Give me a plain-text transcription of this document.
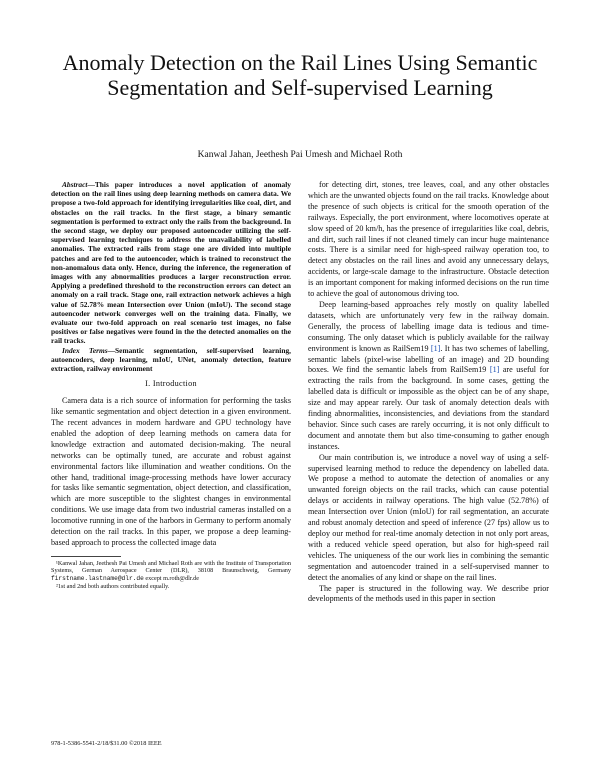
Anomaly Detection on the Rail Lines Using Semantic Segmentation and Self-supervised Learning
Kanwal Jahan, Jeethesh Pai Umesh and Michael Roth

Abstract—This paper introduces a novel application of anomaly detection on the rail lines using deep learning methods on camera data. We propose a two-fold approach for identifying irregularities like coal, dirt, and obstacles on the rail tracks. In the first stage, a binary semantic segmentation is performed to extract only the rails from the background. In the second stage, we deploy our proposed autoencoder utilizing the self-supervised learning techniques to address the unavailability of labelled anomalies. The extracted rails from stage one are divided into multiple patches and are fed to the autoencoder, which is trained to reconstruct the non-anomalous data only. Hence, during the inference, the regeneration of images with any abnormalities produces a larger reconstruction error. Applying a predefined threshold to the reconstruction errors can detect an anomaly on a rail track. Stage one, rail extraction network achieves a high value of 52.78% mean Intersection over Union (mIoU). The second stage autoencoder network converges well on the training data. Finally, we evaluate our two-fold approach on real scenario test images, no false positives or false negatives were found in the the detected anomalies on the rail tracks.

Index Terms—Semantic segmentation, self-supervised learning, autoencoders, deep learning, mIoU, UNet, anomaly detection, feature extraction, railway environment

I. Introduction

Camera data is a rich source of information for performing the tasks like semantic segmentation and object detection in a given environment. The recent advances in modern hardware and GPU technology have enabled the adoption of deep learning methods on camera data for knowledge extraction and automated decision-making. The neural networks can be optimally tuned, are accurate and robust against environmental factors like illumination and weather conditions. On the other hand, traditional image-processing methods have lower accuracy for tasks like semantic segmentation, object detection, and classification, which are more susceptible to the slightest changes in environmental conditions. We use image data from two industrial cameras installed on a locomotive running in one of the harbors in Germany to perform anomaly detection on the rail tracks. In this paper, we propose a deep learning-based approach to process the collected image data

¹Kanwal Jahan, Jeethesh Pai Umesh and Michael Roth are with the Institute of Transportation Systems, German Aerospace Center (DLR), 38108 Braunschweig, Germany firstname.lastname@dlr.de except m.roth@dlr.de

²1st and 2nd both authors contributed equally.

for detecting dirt, stones, tree leaves, coal, and any other obstacles which are the unwanted objects found on the rail tracks. Knowledge about the presence of such objects is critical for the smooth operation of the railways. Especially, the port environment, where locomotives operate at slow speed of 20 km/h, has the presence of irregularities like coal, debris, and dirt, such rail lines if not cleaned timely can incur huge maintenance costs. There is a similar need for high-speed railway operation too, to detect any obstacles on the rail lines and avoid any unnecessary delays, accidents, or large-scale damage to the infrastructure. Obstacle detection is an important component for making informed decisions on the run time to achieve the goal of autonomous driving too.

Deep learning-based approaches rely mostly on quality labelled datasets, which are unfortunately very few in the railway domain. Generally, the process of labelling image data is tedious and time-consuming. The only dataset which is publicly available for the railway environment is known as RailSem19 [1]. It has two schemes of labelling, semantic labels (pixel-wise labelling of an image) and 2D bounding boxes. We find the semantic labels from RailSem19 [1] are useful for extracting the rails from the background. In some cases, getting the labelled data is difficult or impossible as the object can be of any shape, size and may appear rarely. Our task of anomaly detection deals with finding abnormalities, inconsistencies, and deviations from the standard behavior. Since such cases are rarely occurring, it is not only difficult to document and annotate them but also time-consuming to gather enough instances.

Our main contribution is, we introduce a novel way of using a self-supervised learning method to reduce the dependency on labelled data. We propose a method to automate the detection of anomalies or any unwanted foreign objects on the rail tracks, which can cause potential delays or accidents in railway operations. The high value (52.78%) of mean Intersection over Union (mIoU) for rail segmentation, an accurate and robust anomaly detection and speed of inference (27 fps) allow us to deploy our method for real-time anomaly detection in not only port areas, with a reduced vehicle speed operation, but also for high-speed rail vehicles. The uniqueness of the our work lies in combining the semantic segmentation and autoencoder trained in a self-supervised manner to detect the anomalies of any kind or shape on the rail lines.

The paper is structured in the following way. We describe prior developments of the methods used in this paper in section

978-1-5386-5541-2/18/$31.00 ©2018 IEEE
